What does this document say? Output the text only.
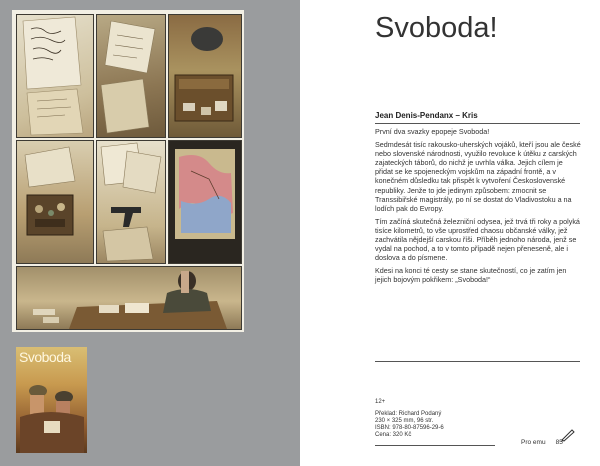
Svoboda
Svoboda!
Jean Denis-Pendanx – Kris

První dva svazky epopeje Svoboda!

Sedmdesát tisíc rakousko-uherských vojáků, kteří jsou ale české nebo slovenské národnosti, využilo revoluce k útěku z carských zajateckých táborů, do nichž je uvrhla válka. Jejich cílem je přidat se ke spojeneckým vojskům na západní frontě, a v konečném důsledku tak přispět k vytvoření Československé republiky. Jenže to jde jedinym způsobem: zmocnit se Transsibiřské magistrály, po ní se dostat do Vladivostoku a na lodích pak do Evropy.

Tím začíná skutečná železniční odysea, jež trvá tři roky a polyká tisíce kilometrů, to vše uprostřed chaosu občanské války, jež zachvátila nějdejší carskou říši. Příběh jednoho národa, jenž se vydal na pochod, a to v tomto případě nejen přeneseně, ale i doslova a do písmene.

Kdesi na konci té cesty se stane skutečností, co je zatím jen jejich bojovým pokřikem: „Svoboda!“

12+
Překlad: Richard Podaný
230 × 325 mm, 96 str.
ISBN: 978-80-87596-29-6
Cena: 320 Kč
Pro emu 85
